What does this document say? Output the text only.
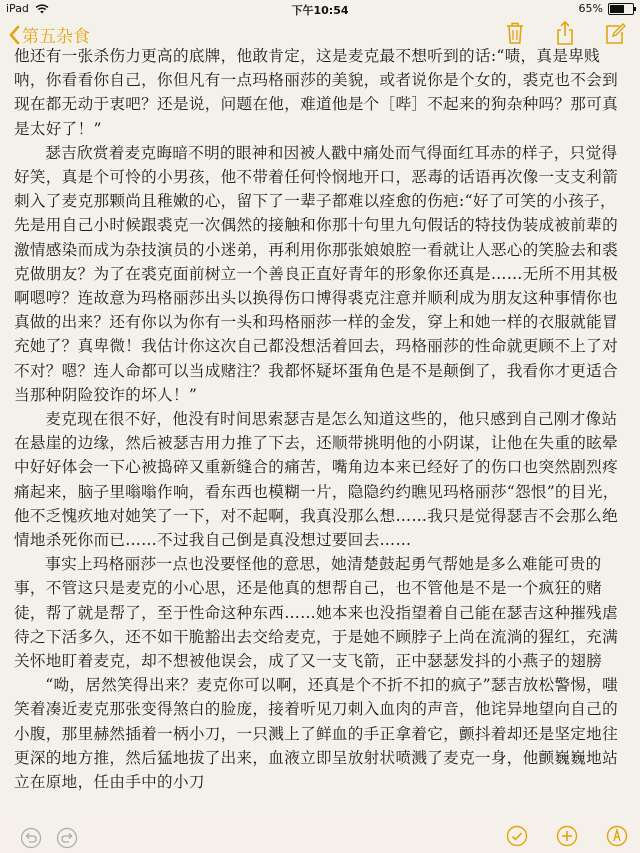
iPad	下午10:54	65%
第五杂食

他还有一张杀伤力更高的底牌，他敢肯定，这是麦克最不想听到的话:“啧，真是卑贱呐，你看看你自己，你但凡有一点玛格丽莎的美貌，或者说你是个女的，裘克也不会到现在都无动于衷吧？还是说，问题在他，难道他是个［哔］不起来的狗杂种吗？那可真是太好了！”

瑟吉欣赏着麦克晦暗不明的眼神和因被人戳中痛处而气得面红耳赤的样子，只觉得好笑，真是个可怜的小男孩，他不带着任何怜悯地开口，恶毒的话语再次像一支支利箭刺入了麦克那颗尚且稚嫩的心，留下了一辈子都难以痊愈的伤疤:“好了可笑的小孩子，先是用自己小时候跟裘克一次偶然的接触和你那十句里九句假话的特技伪装成被前辈的激情感染而成为杂技演员的小迷弟，再利用你那张娘娘腔一看就让人恶心的笑脸去和裘克做朋友？为了在裘克面前树立一个善良正直好青年的形象你还真是……无所不用其极啊嗯哼？连故意为玛格丽莎出头以换得伤口博得裘克注意并顺利成为朋友这种事情你也真做的出来？还有你以为你有一头和玛格丽莎一样的金发，穿上和她一样的衣服就能冒充她了？真卑微！我估计你这次自己都没想活着回去，玛格丽莎的性命就更顾不上了对不对？嗯？连人命都可以当成赌注？我都怀疑坏蛋角色是不是颠倒了，我看你才更适合当那种阴险狡诈的坏人！”

麦克现在很不好，他没有时间思索瑟吉是怎么知道这些的，他只感到自己刚才像站在悬崖的边缘，然后被瑟吉用力推了下去，还顺带挑明他的小阴谋，让他在失重的眩晕中好好体会一下心被捣碎又重新缝合的痛苦，嘴角边本来已经好了的伤口也突然剧烈疼痛起来，脑子里嗡嗡作响，看东西也模糊一片，隐隐约约瞧见玛格丽莎“怨恨”的目光，他不乏愧疚地对她笑了一下，对不起啊，我真没那么想……我只是觉得瑟吉不会那么绝情地杀死你而已……不过我自己倒是真没想过要回去……

事实上玛格丽莎一点也没要怪他的意思，她清楚鼓起勇气帮她是多么难能可贵的事，不管这只是麦克的小心思，还是他真的想帮自己，也不管他是不是一个疯狂的赌徒，帮了就是帮了，至于性命这种东西……她本来也没指望着自己能在瑟吉这种摧残虐待之下活多久，还不如干脆豁出去交给麦克，于是她不顾脖子上尚在流淌的猩红，充满关怀地盯着麦克，却不想被他误会，成了又一支飞箭，正中瑟瑟发抖的小燕子的翅膀

“呦，居然笑得出来？麦克你可以啊，还真是个不折不扣的疯子”瑟吉放松警惕，嗤笑着凑近麦克那张变得煞白的脸庞，接着听见刀刺入血肉的声音，他诧异地望向自己的小腹，那里赫然插着一柄小刀，一只溅上了鲜血的手正拿着它，颤抖着却还是坚定地往更深的地方推，然后猛地拔了出来，血液立即呈放射状喷溅了麦克一身，他颤巍巍地站立在原地，任由手中的小刀
